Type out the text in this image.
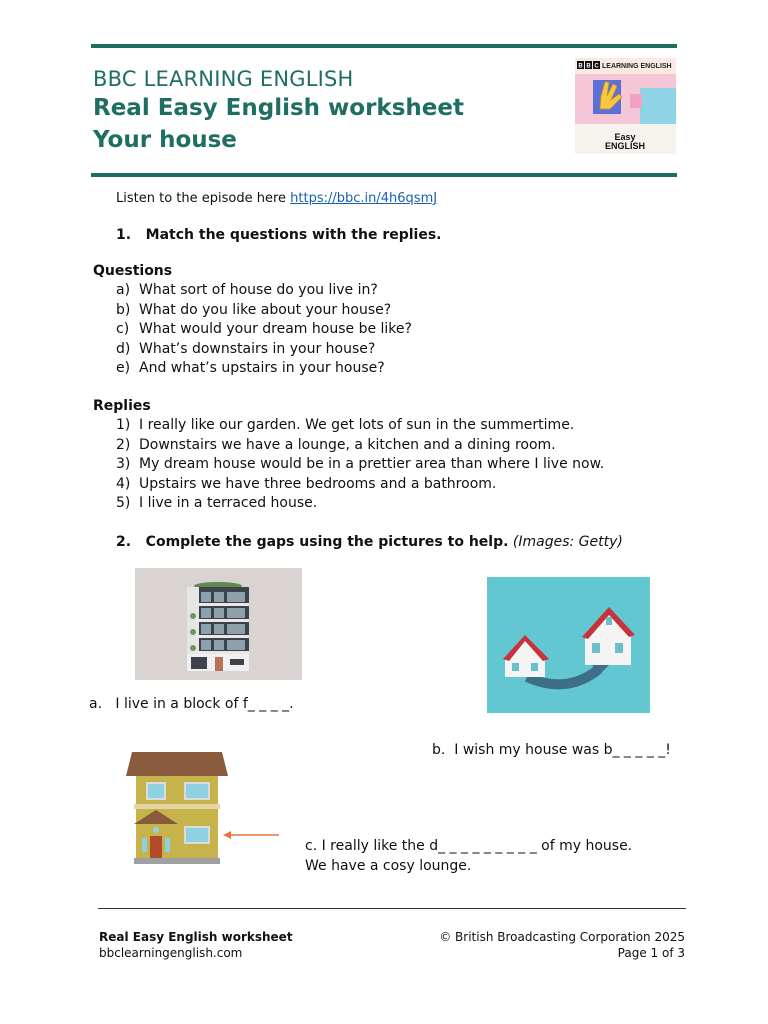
BBC LEARNING ENGLISH
Real Easy English worksheet
Your house
B B C LEARNING ENGLISH
Easy
ENGLISH
Listen to the episode here https://bbc.in/4h6qsmJ
1.   Match the questions with the replies.
Questions
a) What sort of house do you live in?
b) What do you like about your house?
c) What would your dream house be like?
d) What’s downstairs in your house?
e) And what’s upstairs in your house?
Replies
1) I really like our garden. We get lots of sun in the summertime.
2) Downstairs we have a lounge, a kitchen and a dining room.
3) My dream house would be in a prettier area than where I live now.
4) Upstairs we have three bedrooms and a bathroom.
5) I live in a terraced house.
2.   Complete the gaps using the pictures to help. (Images: Getty)
a.   I live in a block of f_ _ _ _.
b.  I wish my house was b_ _ _ _ _!
c. I really like the d_ _ _ _ _ _ _ _ _ of my house.
We have a cosy lounge.
Real Easy English worksheet
bbclearningenglish.com
© British Broadcasting Corporation 2025
Page 1 of 3
